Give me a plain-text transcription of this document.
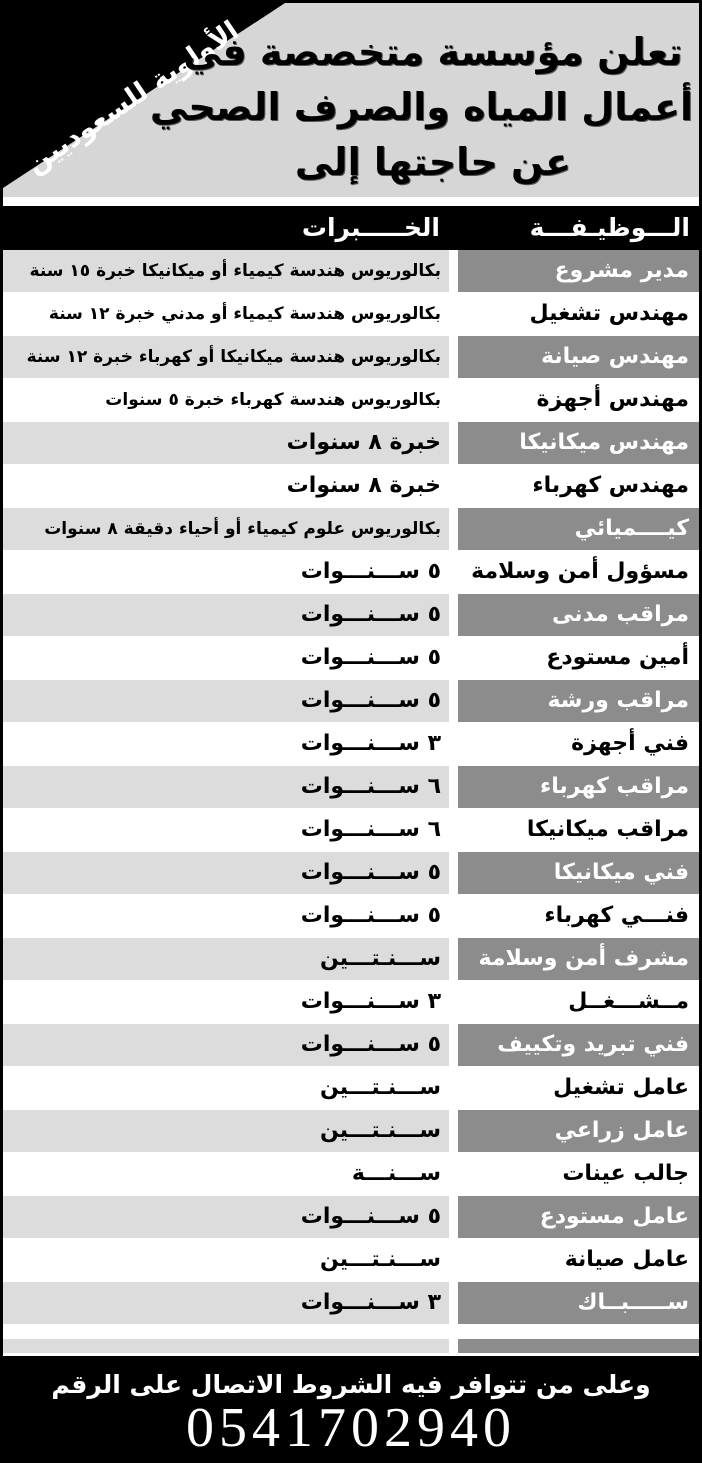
الأولوية للسعوديين
تعلن مؤسسة متخصصة في
أعمال المياه والصرف الصحي
عن حاجتها إلى
الـــوظيـفـــة
الخـــــبرات
مدير مشروع
بكالوريوس هندسة كيمياء أو ميكانيكا خبرة ١٥ سنة
مهندس تشغيل
بكالوريوس هندسة كيمياء أو مدني خبرة ١٢ سنة
مهندس صيانة
بكالوريوس هندسة ميكانيكا أو كهرباء خبرة ١٢ سنة
مهندس أجهزة
بكالوريوس هندسة كهرباء خبرة ٥ سنوات
مهندس ميكانيكا
خبرة ٨ سنوات
مهندس كهرباء
خبرة ٨ سنوات
كيــــميائي
بكالوريوس علوم كيمياء أو أحياء دقيقة ٨ سنوات
مسؤول أمن وسلامة
٥ ســـنـــوات
مراقب مدنى
٥ ســـنـــوات
أمين مستودع
٥ ســـنـــوات
مراقب ورشة
٥ ســـنـــوات
فني أجهزة
٣ ســـنـــوات
مراقب كهرباء
٦ ســـنـــوات
مراقب ميكانيكا
٦ ســـنـــوات
فني ميكانيكا
٥ ســـنـــوات
فنـــي كهرباء
٥ ســـنـــوات
مشرف أمن وسلامة
ســـنـتـــين
مــشـــغــل
٣ ســـنـــوات
فني تبريد وتكييف
٥ ســـنـــوات
عامل تشغيل
ســـنـتـــين
عامل زراعي
ســـنـتـــين
جالب عينات
ســـنـــة
عامل مستودع
٥ ســـنـــوات
عامل صيانة
ســـنـتـــين
ســـــبــاك
٣ ســـنـــوات
وعلى من تتوافر فيه الشروط الاتصال على الرقم
0541702940
